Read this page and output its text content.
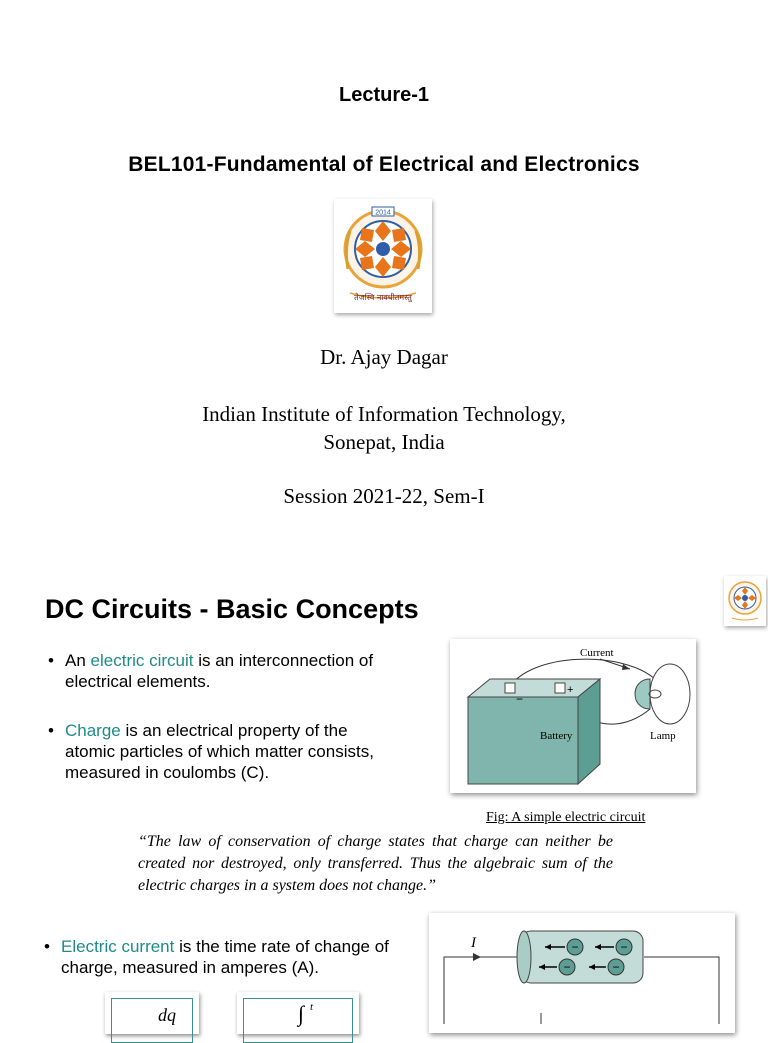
Lecture-1
BEL101-Fundamental of Electrical and Electronics
2014
तेजस्वि नावधीतमस्तु
Dr. Ajay Dagar
Indian Institute of Information Technology,
Sonepat, India
Session 2021-22, Sem-I
DC Circuits - Basic Concepts
• An electric circuit is an interconnection of electrical elements.
• Charge is an electrical property of the atomic particles of which matter consists, measured in coulombs (C).
Current
−
+
Battery	Lamp
Fig: A simple electric circuit
“The law of conservation of charge states that charge can neither be created nor destroyed, only transferred. Thus the algebraic sum of the electric charges in a system does not change.”
• Electric current is the time rate of change of charge, measured in amperes (A).
dq	∫ t
I	−	−
−	−
